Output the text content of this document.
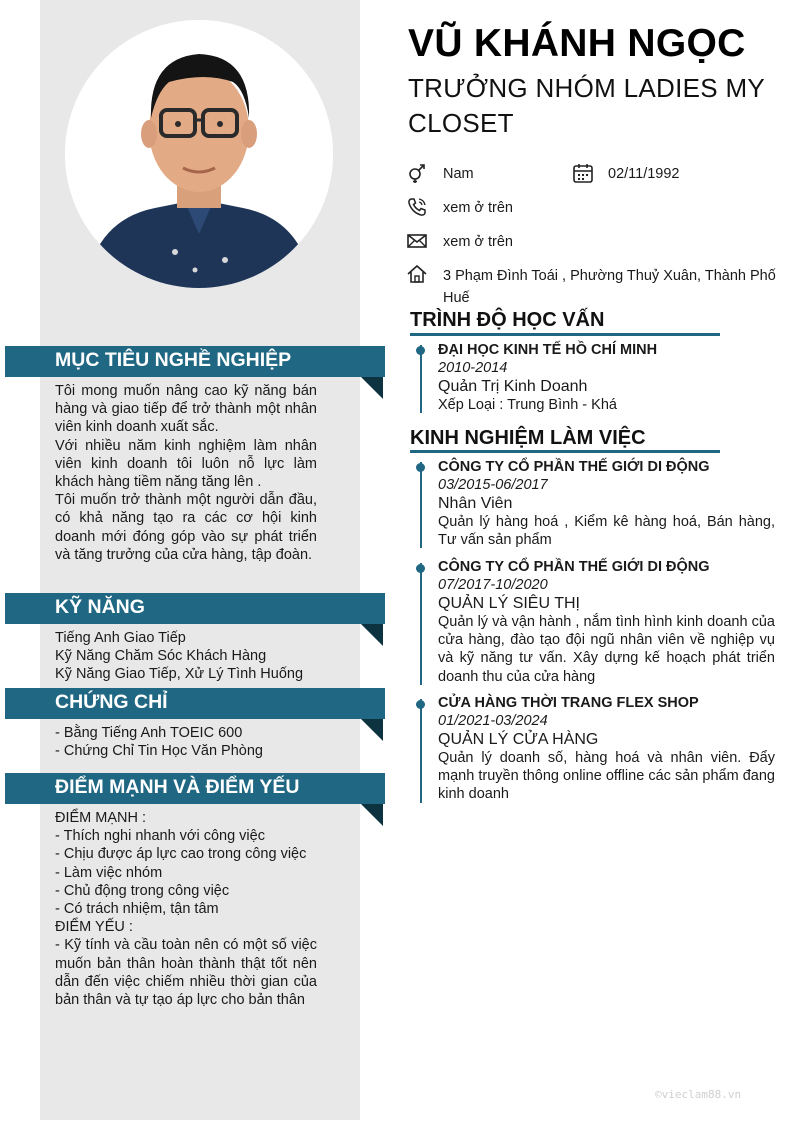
MỤC TIÊU NGHỀ NGHIỆP

Tôi mong muốn nâng cao kỹ năng bán hàng và giao tiếp để trở thành một nhân viên kinh doanh xuất sắc.

Với nhiều năm kinh nghiệm làm nhân viên kinh doanh tôi luôn nỗ lực làm khách hàng tiềm năng tăng lên .

Tôi muốn trở thành một người dẫn đầu, có khả năng tạo ra các cơ hội kinh doanh mới đóng góp vào sự phát triển và tăng trưởng của cửa hàng, tập đoàn.

KỸ NĂNG

Tiếng Anh Giao Tiếp

Kỹ Năng Chăm Sóc Khách Hàng

Kỹ Năng Giao Tiếp, Xử Lý Tình Huống

CHỨNG CHỈ

- Bằng Tiếng Anh TOEIC 600

- Chứng Chỉ Tin Học Văn Phòng

ĐIỂM MẠNH VÀ ĐIỂM YẾU

ĐIỂM MẠNH :

- Thích nghi nhanh với công việc

- Chịu được áp lực cao trong công việc

- Làm việc nhóm

- Chủ động trong công việc

- Có trách nhiệm, tận tâm

ĐIỂM YẾU :

- Kỹ tính và cầu toàn nên có một số việc muốn bản thân hoàn thành thật tốt nên dẫn đến việc chiếm nhiều thời gian của bản thân và tự tạo áp lực cho bản thân

VŨ KHÁNH NGỌC
TRƯỞNG NHÓM LADIES MY CLOSET
Nam	02/11/1992
xem ở trên
xem ở trên
3 Phạm Đình Toái , Phường Thuỷ Xuân, Thành Phố Huế
TRÌNH ĐỘ HỌC VẤN
ĐẠI HỌC KINH TẾ HỒ CHÍ MINH
2010-2014
Quản Trị Kinh Doanh
Xếp Loại : Trung Bình - Khá
KINH NGHIỆM LÀM VIỆC
CÔNG TY CỔ PHẦN THẾ GIỚI DI ĐỘNG
03/2015-06/2017
Nhân Viên
Quản lý hàng hoá , Kiểm kê hàng hoá, Bán hàng, Tư vấn sản phẩm
CÔNG TY CỔ PHẦN THẾ GIỚI DI ĐỘNG
07/2017-10/2020
QUẢN LÝ SIÊU THỊ
Quản lý và vận hành , nắm tình hình kinh doanh của cửa hàng, đào tạo đội ngũ nhân viên về nghiệp vụ và kỹ năng tư vấn. Xây dựng kế hoạch phát triển doanh thu của cửa hàng
CỬA HÀNG THỜI TRANG FLEX SHOP
01/2021-03/2024
QUẢN LÝ CỬA HÀNG
Quản lý doanh số, hàng hoá và nhân viên. Đẩy mạnh truyền thông online offline các sản phẩm đang kinh doanh
©vieclam88.vn
